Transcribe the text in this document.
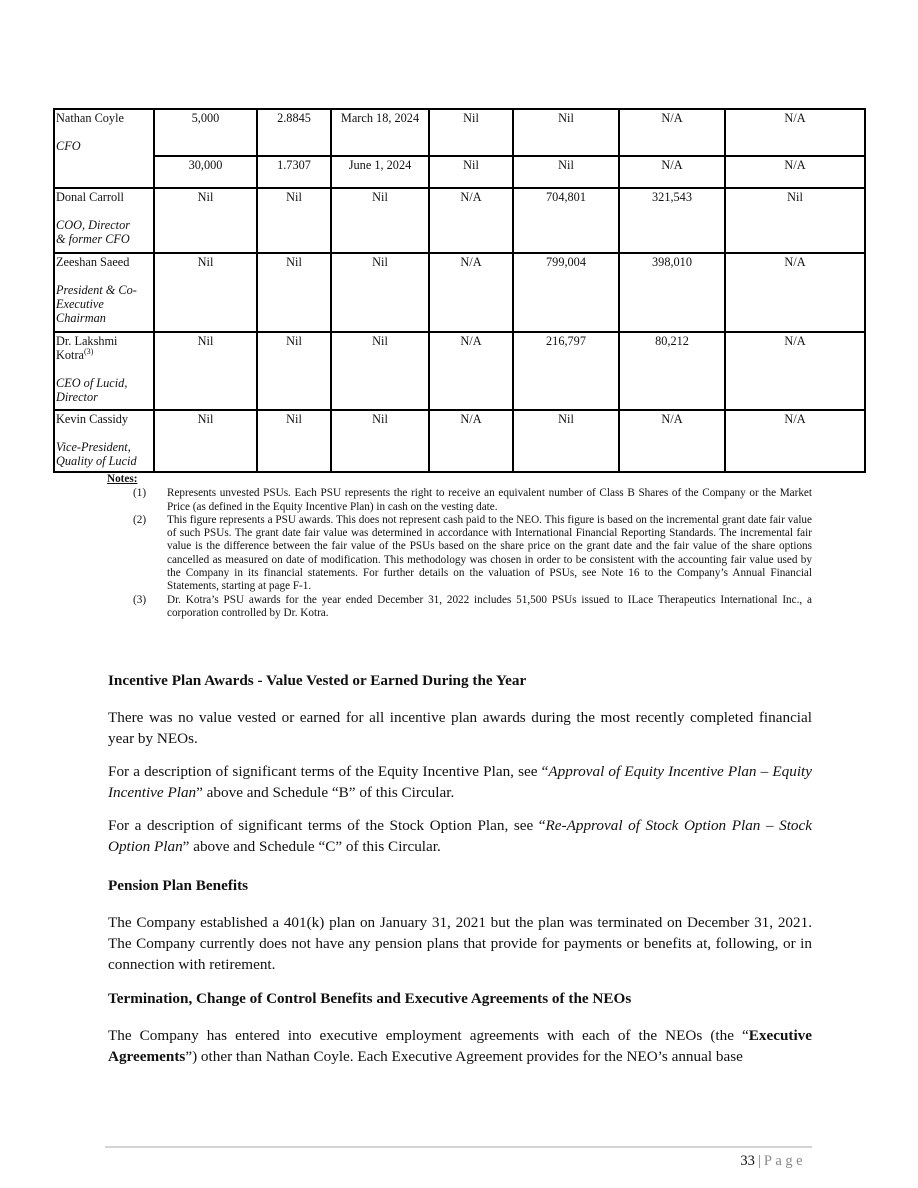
Nathan Coyle
CFO	5,000	2.8845	March 18, 2024	Nil	Nil	N/A	N/A
	30,000	1.7307	June 1, 2024	Nil	Nil	N/A	N/A

Donal Carroll
COO, Director
& former CFO	Nil	Nil	Nil	N/A	704,801	321,543	Nil

Zeeshan Saeed
President & Co-
Executive
Chairman	Nil	Nil	Nil	N/A	799,004	398,010	N/A

Dr. Lakshmi
Kotra$^{(3)}$
CEO of Lucid,
Director	Nil	Nil	Nil	N/A	216,797	80,212	N/A

Kevin Cassidy
Vice-President,
Quality of Lucid	Nil	Nil	Nil	N/A	Nil	N/A	N/A
Notes:
(1)	Represents unvested PSUs. Each PSU represents the right to receive an equivalent number of Class B Shares of the Company or the Market Price (as defined in the Equity Incentive Plan) in cash on the vesting date.
(2)	This figure represents a PSU awards. This does not represent cash paid to the NEO. This figure is based on the incremental grant date fair value of such PSUs. The grant date fair value was determined in accordance with International Financial Reporting Standards. The incremental fair value is the difference between the fair value of the PSUs based on the share price on the grant date and the fair value of the share options cancelled as measured on date of modification. This methodology was chosen in order to be consistent with the accounting fair value used by the Company in its financial statements. For further details on the valuation of PSUs, see Note 16 to the Company’s Annual Financial Statements, starting at page F-1.
(3)	Dr. Kotra’s PSU awards for the year ended December 31, 2022 includes 51,500 PSUs issued to ILace Therapeutics International Inc., a corporation controlled by Dr. Kotra.
Incentive Plan Awards - Value Vested or Earned During the Year
There was no value vested or earned for all incentive plan awards during the most recently completed financial year by NEOs.
For a description of significant terms of the Equity Incentive Plan, see “Approval of Equity Incentive Plan – Equity Incentive Plan” above and Schedule “B” of this Circular.
For a description of significant terms of the Stock Option Plan, see “Re-Approval of Stock Option Plan – Stock Option Plan” above and Schedule “C” of this Circular.
Pension Plan Benefits
The Company established a 401(k) plan on January 31, 2021 but the plan was terminated on December 31, 2021. The Company currently does not have any pension plans that provide for payments or benefits at, following, or in connection with retirement.
Termination, Change of Control Benefits and Executive Agreements of the NEOs
The Company has entered into executive employment agreements with each of the NEOs (the “Executive Agreements”) other than Nathan Coyle. Each Executive Agreement provides for the NEO’s annual base
33 | Page
